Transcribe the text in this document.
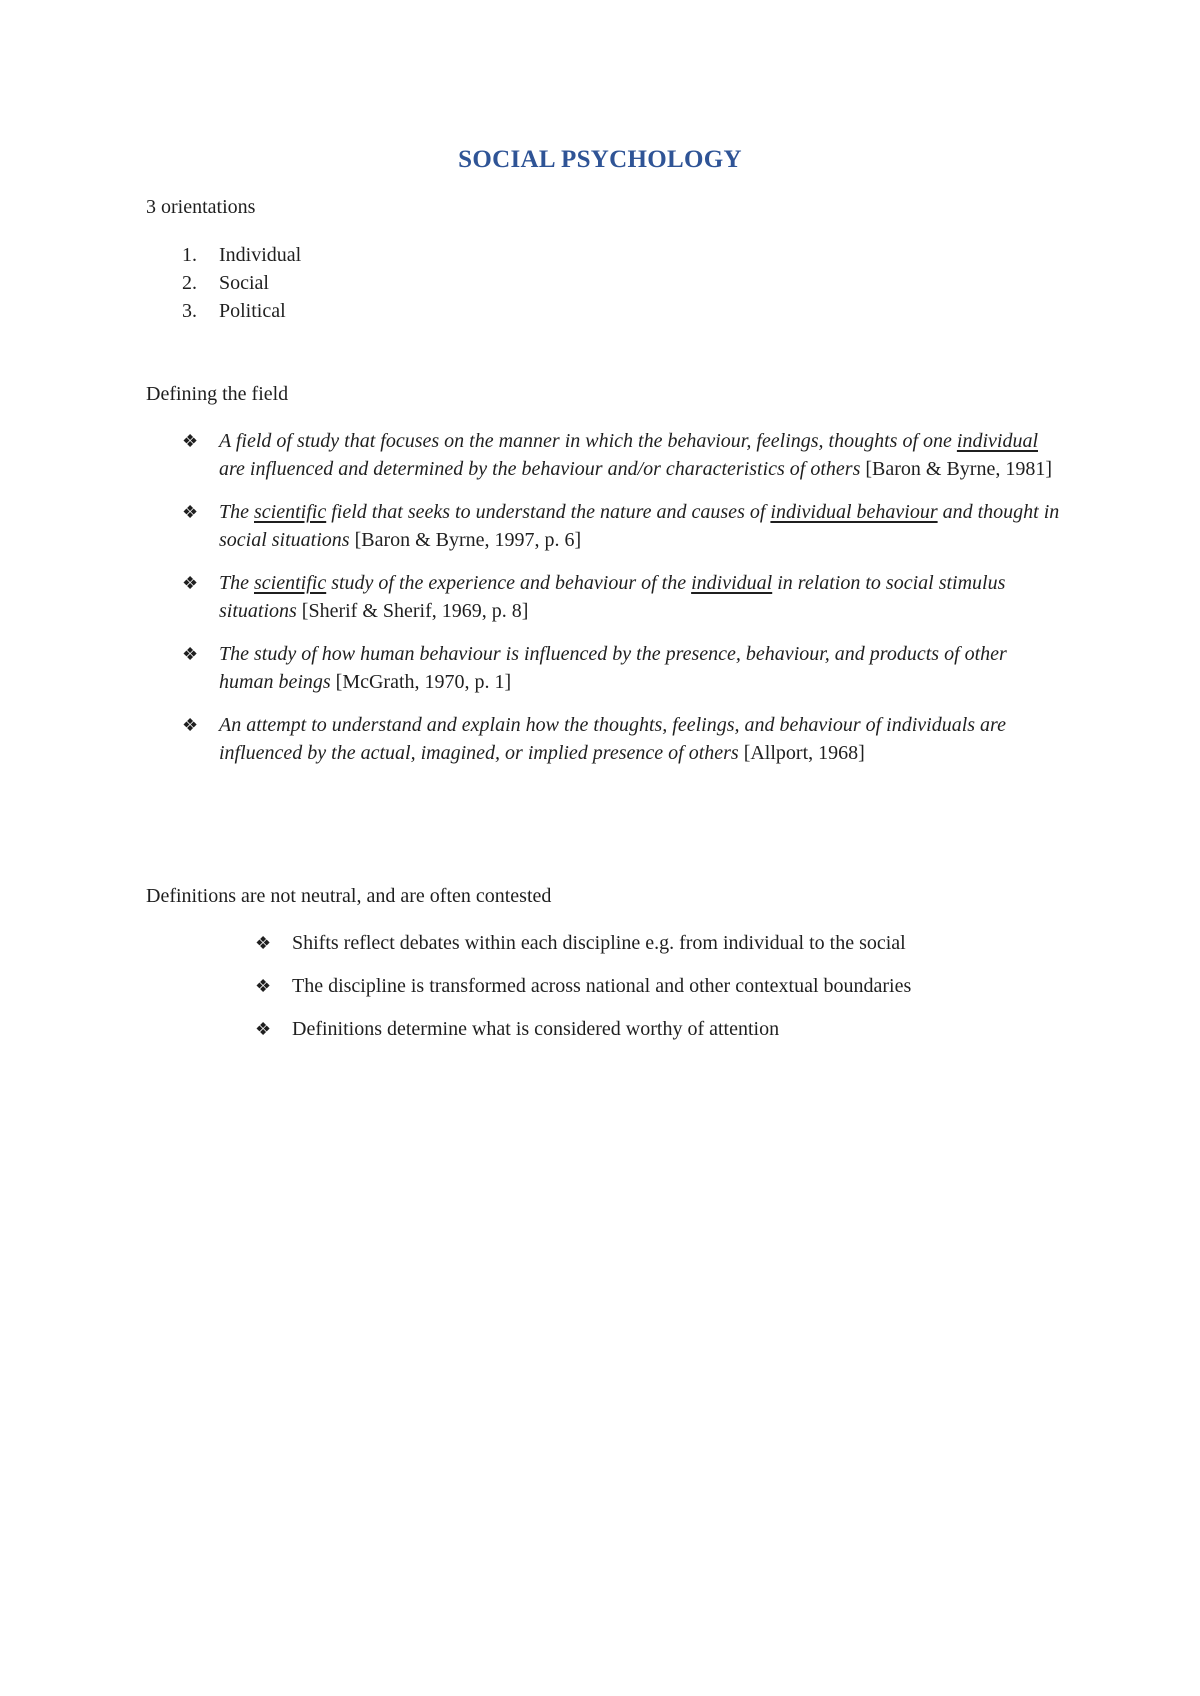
SOCIAL PSYCHOLOGY

3 orientations

1. Individual
2. Social
3. Political

Defining the field

❖ A field of study that focuses on the manner in which the behaviour, feelings, thoughts of one individual are influenced and determined by the behaviour and/or characteristics of others [Baron & Byrne, 1981]
❖ The scientific field that seeks to understand the nature and causes of individual behaviour and thought in social situations [Baron & Byrne, 1997, p. 6]
❖ The scientific study of the experience and behaviour of the individual in relation to social stimulus situations [Sherif & Sherif, 1969, p. 8]
❖ The study of how human behaviour is influenced by the presence, behaviour, and products of other human beings [McGrath, 1970, p. 1]
❖ An attempt to understand and explain how the thoughts, feelings, and behaviour of individuals are influenced by the actual, imagined, or implied presence of others [Allport, 1968]

Definitions are not neutral, and are often contested

❖ Shifts reflect debates within each discipline e.g. from individual to the social
❖ The discipline is transformed across national and other contextual boundaries
❖ Definitions determine what is considered worthy of attention
